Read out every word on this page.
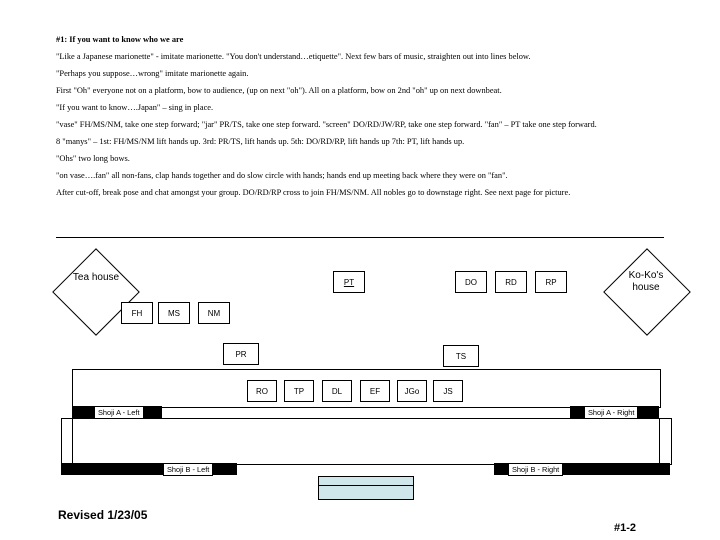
#1: If you want to know who we are

"Like a Japanese marionette" - imitate marionette. "You don't understand…etiquette". Next few bars of music, straighten out into lines below.

"Perhaps you suppose…wrong" imitate marionette again.

First "Oh" everyone not on a platform, bow to audience, (up on next "oh"). All on a platform, bow on 2nd "oh" up on next downbeat.

"If you want to know….Japan" – sing in place.

"vase" FH/MS/NM, take one step forward; "jar" PR/TS, take one step forward. "screen" DO/RD/JW/RP, take one step forward. "fan" – PT take one step forward.

8 "manys" – 1st: FH/MS/NM lift hands up. 3rd: PR/TS, lift hands up. 5th: DO/RD/RP, lift hands up 7th: PT, lift hands up.

"Ohs" two long bows.

"on vase….fan" all non-fans, clap hands together and do slow circle with hands; hands end up meeting back where they were on "fan".

After cut-off, break pose and chat amongst your group. DO/RD/RP cross to join FH/MS/NM. All nobles go to downstage right. See next page for picture.

Tea house	Ko-Ko's house
PT	DO	RD	RP
FH	MS	NM
PR	TS
RO	TP	DL	EF	JGo	JS
Shoji A - Left	Shoji A - Right
Shoji B - Left	Shoji B - Right
Revised 1/23/05
#1-2
